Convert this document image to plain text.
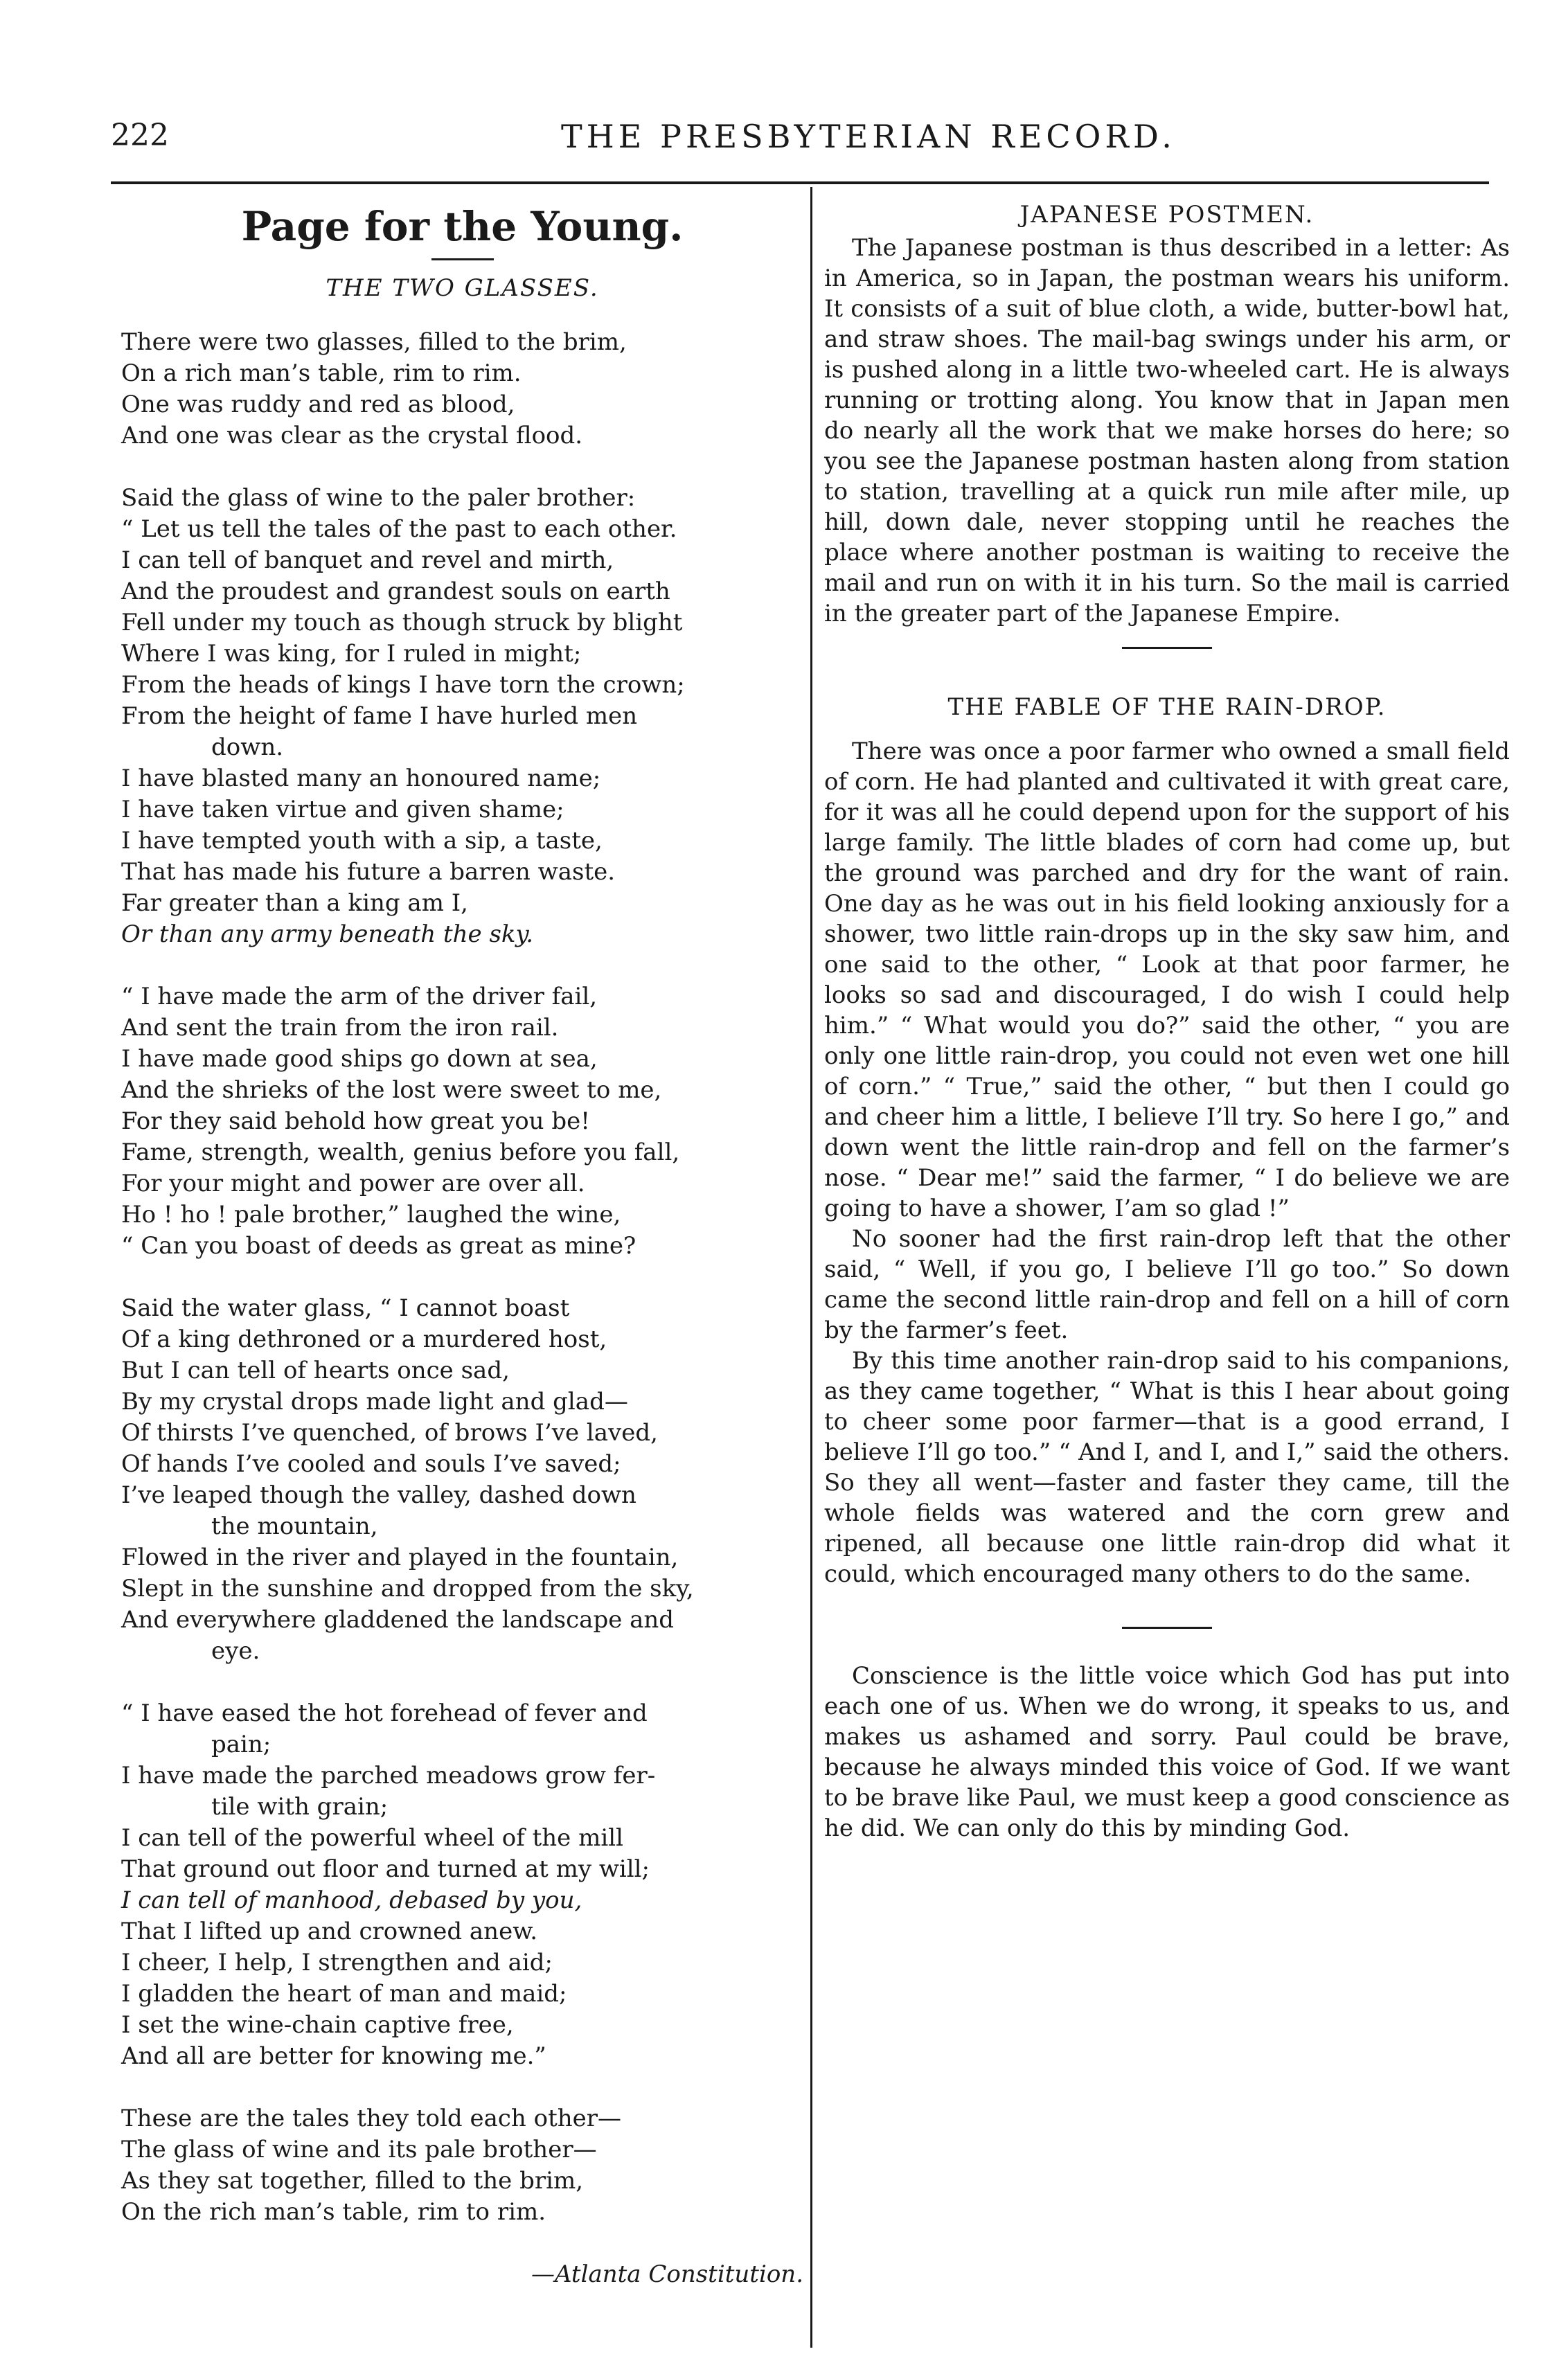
222	THE PRESBYTERIAN RECORD.
Page for the Young.
THE TWO GLASSES.
There were two glasses, filled to the brim,
On a rich man’s table, rim to rim.
One was ruddy and red as blood,
And one was clear as the crystal flood.
Said the glass of wine to the paler brother:
“ Let us tell the tales of the past to each other.
I can tell of banquet and revel and mirth,
And the proudest and grandest souls on earth
Fell under my touch as though struck by blight
Where I was king, for I ruled in might;
From the heads of kings I have torn the crown;
From the height of fame I have hurled men
down.
I have blasted many an honoured name;
I have taken virtue and given shame;
I have tempted youth with a sip, a taste,
That has made his future a barren waste.
Far greater than a king am I,
Or than any army beneath the sky.
“ I have made the arm of the driver fail,
And sent the train from the iron rail.
I have made good ships go down at sea,
And the shrieks of the lost were sweet to me,
For they said behold how great you be!
Fame, strength, wealth, genius before you fall,
For your might and power are over all.
Ho ! ho ! pale brother,” laughed the wine,
“ Can you boast of deeds as great as mine?
Said the water glass, “ I cannot boast
Of a king dethroned or a murdered host,
But I can tell of hearts once sad,
By my crystal drops made light and glad—
Of thirsts I’ve quenched, of brows I’ve laved,
Of hands I’ve cooled and souls I’ve saved;
I’ve leaped though the valley, dashed down
the mountain,
Flowed in the river and played in the fountain,
Slept in the sunshine and dropped from the sky,
And everywhere gladdened the landscape and
eye.
“ I have eased the hot forehead of fever and
pain;
I have made the parched meadows grow fer-
tile with grain;
I can tell of the powerful wheel of the mill
That ground out floor and turned at my will;
I can tell of manhood, debased by you,
That I lifted up and crowned anew.
I cheer, I help, I strengthen and aid;
I gladden the heart of man and maid;
I set the wine-chain captive free,
And all are better for knowing me.”
These are the tales they told each other—
The glass of wine and its pale brother—
As they sat together, filled to the brim,
On the rich man’s table, rim to rim.
—Atlanta Constitution.
JAPANESE POSTMEN.

The Japanese postman is thus described in a letter: As in America, so in Japan, the postman wears his uniform. It consists of a suit of blue cloth, a wide, butter-bowl hat, and straw shoes. The mail-bag swings under his arm, or is pushed along in a little two-wheeled cart. He is always running or trotting along. You know that in Japan men do nearly all the work that we make horses do here; so you see the Japanese postman hasten along from station to station, travelling at a quick run mile after mile, up hill, down dale, never stopping until he reaches the place where another postman is waiting to receive the mail and run on with it in his turn. So the mail is carried in the greater part of the Japanese Empire.

THE FABLE OF THE RAIN-DROP.

There was once a poor farmer who owned a small field of corn. He had planted and cultivated it with great care, for it was all he could depend upon for the support of his large family. The little blades of corn had come up, but the ground was parched and dry for the want of rain. One day as he was out in his field looking anxiously for a shower, two little rain-drops up in the sky saw him, and one said to the other, “ Look at that poor farmer, he looks so sad and discouraged, I do wish I could help him.” “ What would you do?” said the other, “ you are only one little rain-drop, you could not even wet one hill of corn.” “ True,” said the other, “ but then I could go and cheer him a little, I believe I’ll try. So here I go,” and down went the little rain-drop and fell on the farmer’s nose. “ Dear me!” said the farmer, “ I do believe we are going to have a shower, I’am so glad !”

No sooner had the first rain-drop left that the other said, “ Well, if you go, I believe I’ll go too.” So down came the second little rain-drop and fell on a hill of corn by the farmer’s feet.

By this time another rain-drop said to his companions, as they came together, “ What is this I hear about going to cheer some poor farmer—that is a good errand, I believe I’ll go too.” “ And I, and I, and I,” said the others. So they all went—faster and faster they came, till the whole fields was watered and the corn grew and ripened, all because one little rain-drop did what it could, which encouraged many others to do the same.

Conscience is the little voice which God has put into each one of us. When we do wrong, it speaks to us, and makes us ashamed and sorry. Paul could be brave, because he always minded this voice of God. If we want to be brave like Paul, we must keep a good conscience as he did. We can only do this by minding God.
